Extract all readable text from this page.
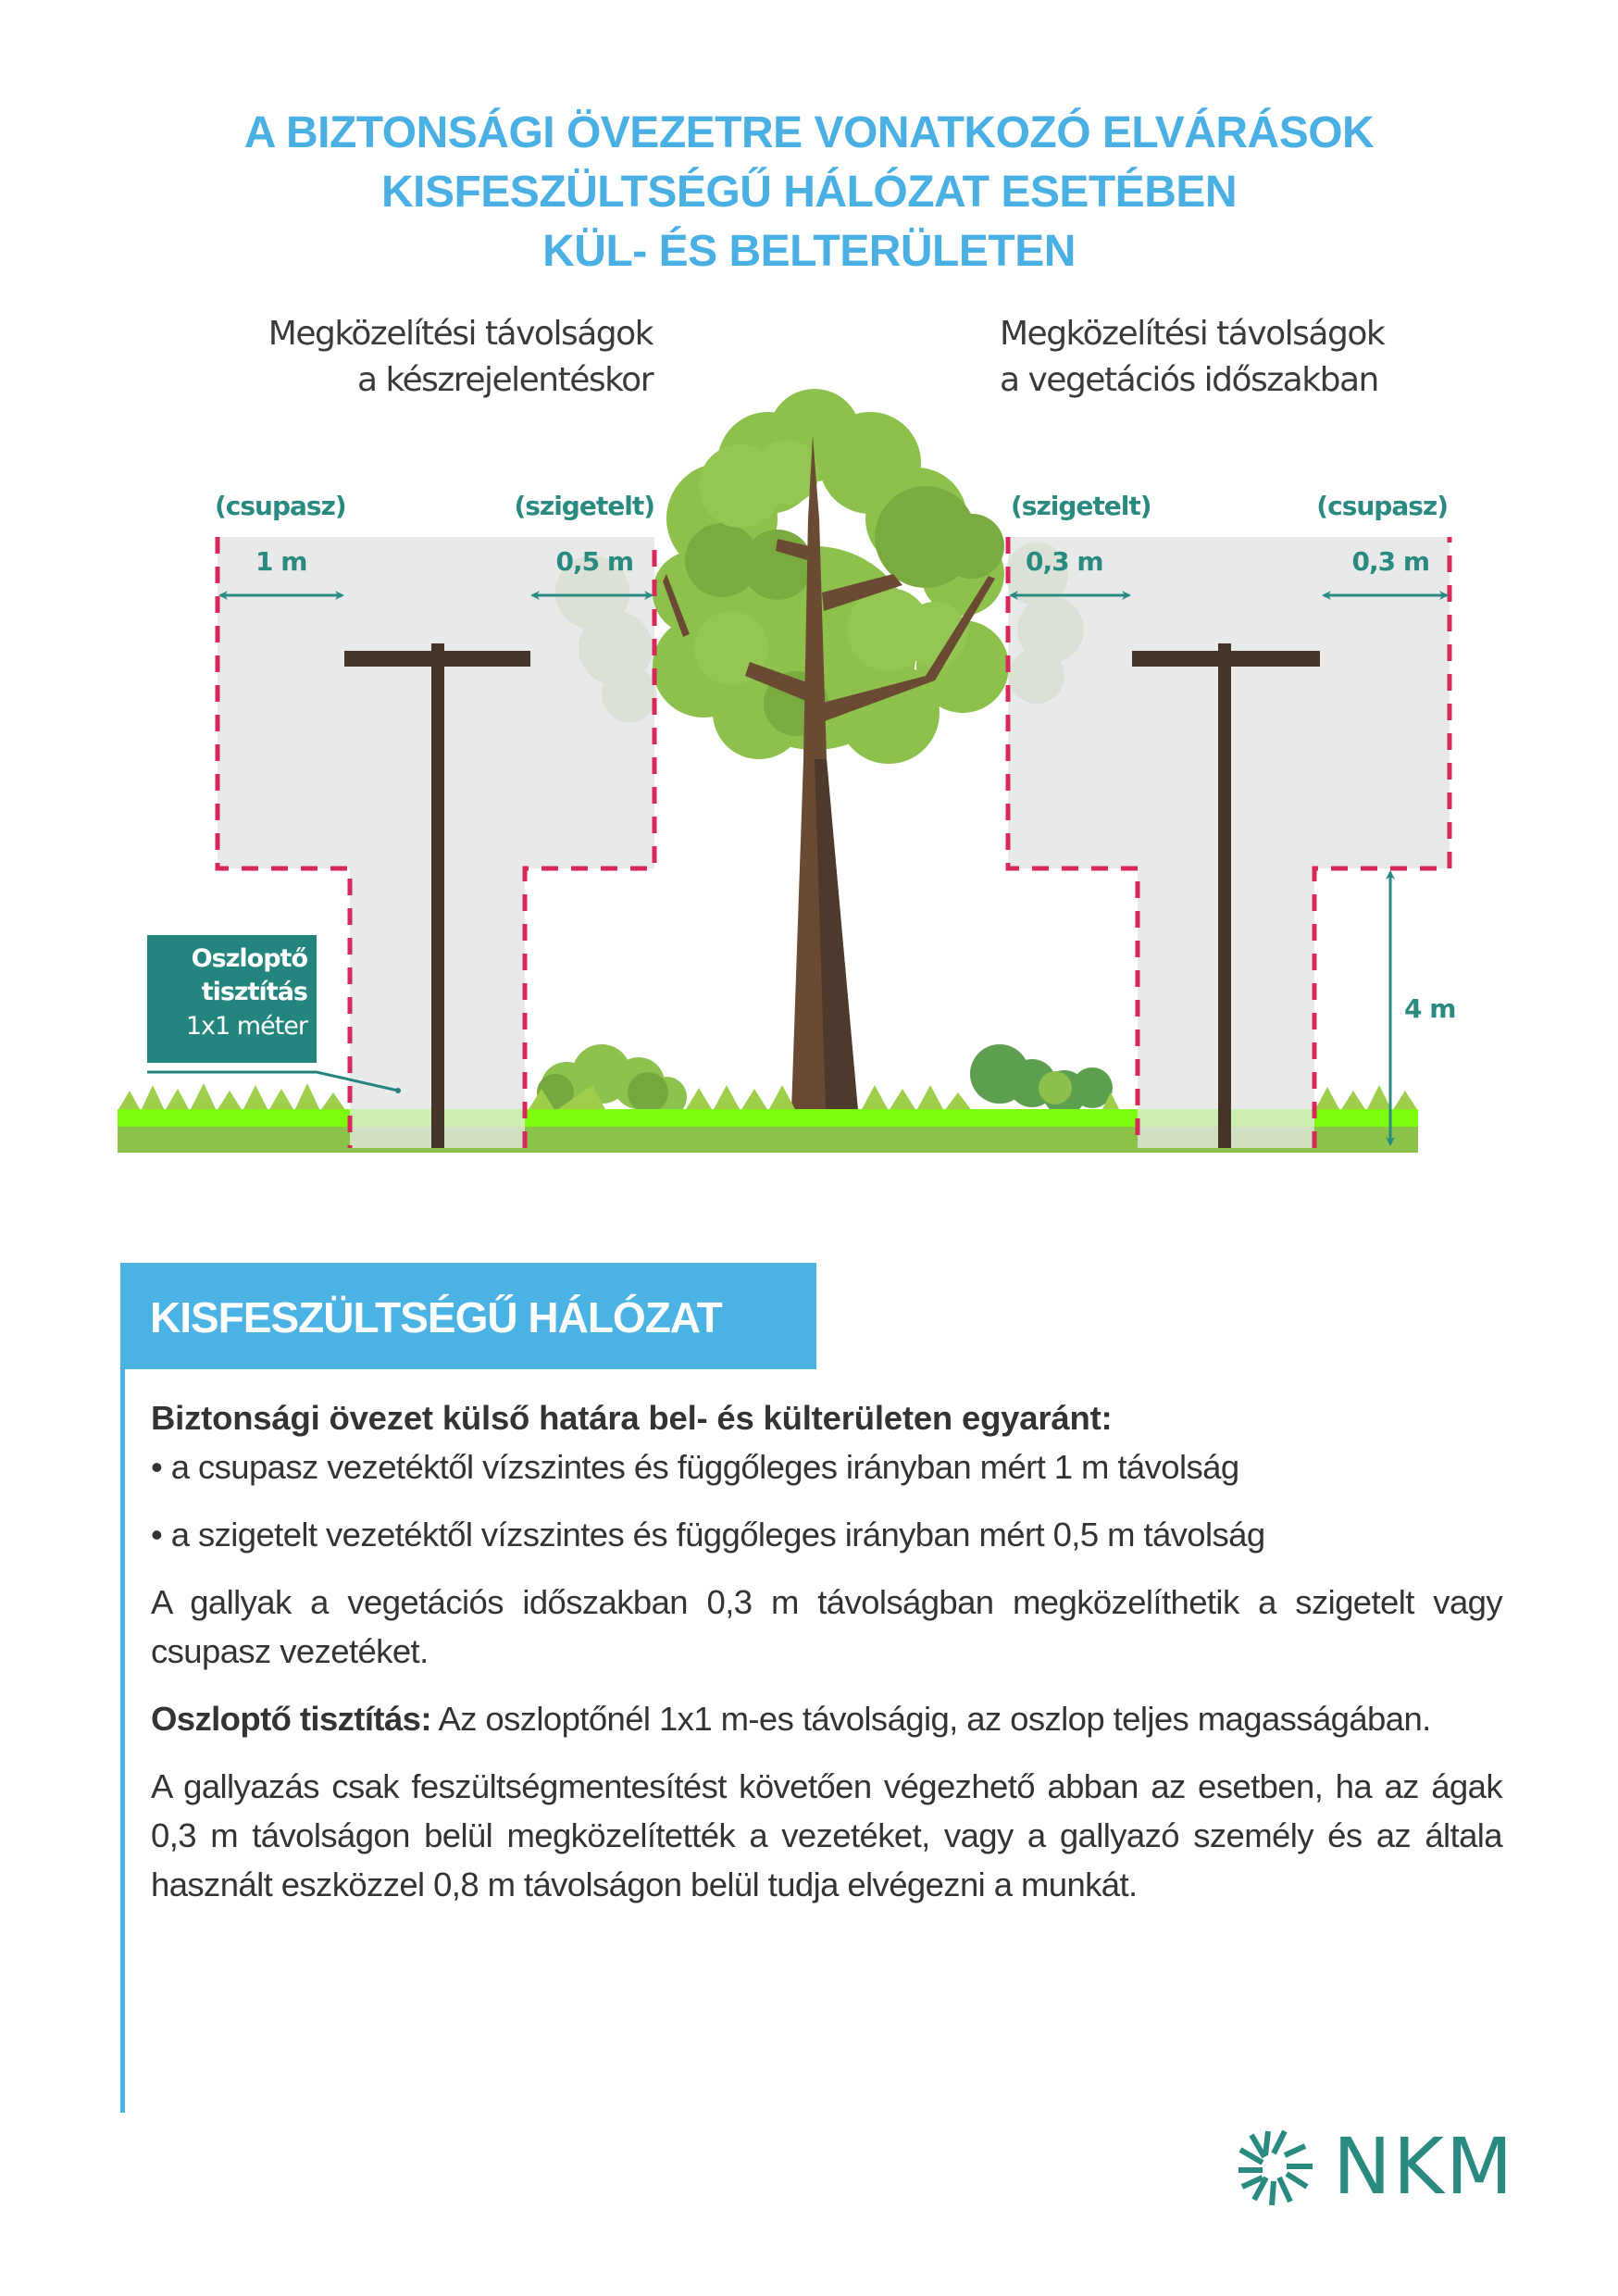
A BIZTONSÁGI ÖVEZETRE VONATKOZÓ ELVÁRÁSOK
KISFESZÜLTSÉGŰ HÁLÓZAT ESETÉBEN
KÜL- ÉS BELTERÜLETEN
Megközelítési távolságok
a készrejelentéskor
Megközelítési távolságok
a vegetációs időszakban
(csupasz)
1 m
(szigetelt)
0,5 m
(szigetelt)
0,3 m
(csupasz)
0,3 m
4 m
Oszloptő
tisztítás
1x1 méter
KISFESZÜLTSÉGŰ HÁLÓZAT

Biztonsági övezet külső határa bel- és külterületen egyaránt:

• a csupasz vezetéktől vízszintes és függőleges irányban mért 1 m távolság

• a szigetelt vezetéktől vízszintes és függőleges irányban mért 0,5 m távolság

A gallyak a vegetációs időszakban 0,3 m távolságban megközelíthetik a szigetelt vagy csupasz vezetéket.

Oszloptő tisztítás: Az oszloptőnél 1x1 m-es távolságig, az oszlop teljes magasságában.

A gallyazás csak feszültségmentesítést követően végezhető abban az esetben, ha az ágak 0,3 m távolságon belül megközelítették a vezetéket, vagy a gallyazó személy és az általa használt eszközzel 0,8 m távolságon belül tudja elvégezni a munkát.

NKM
